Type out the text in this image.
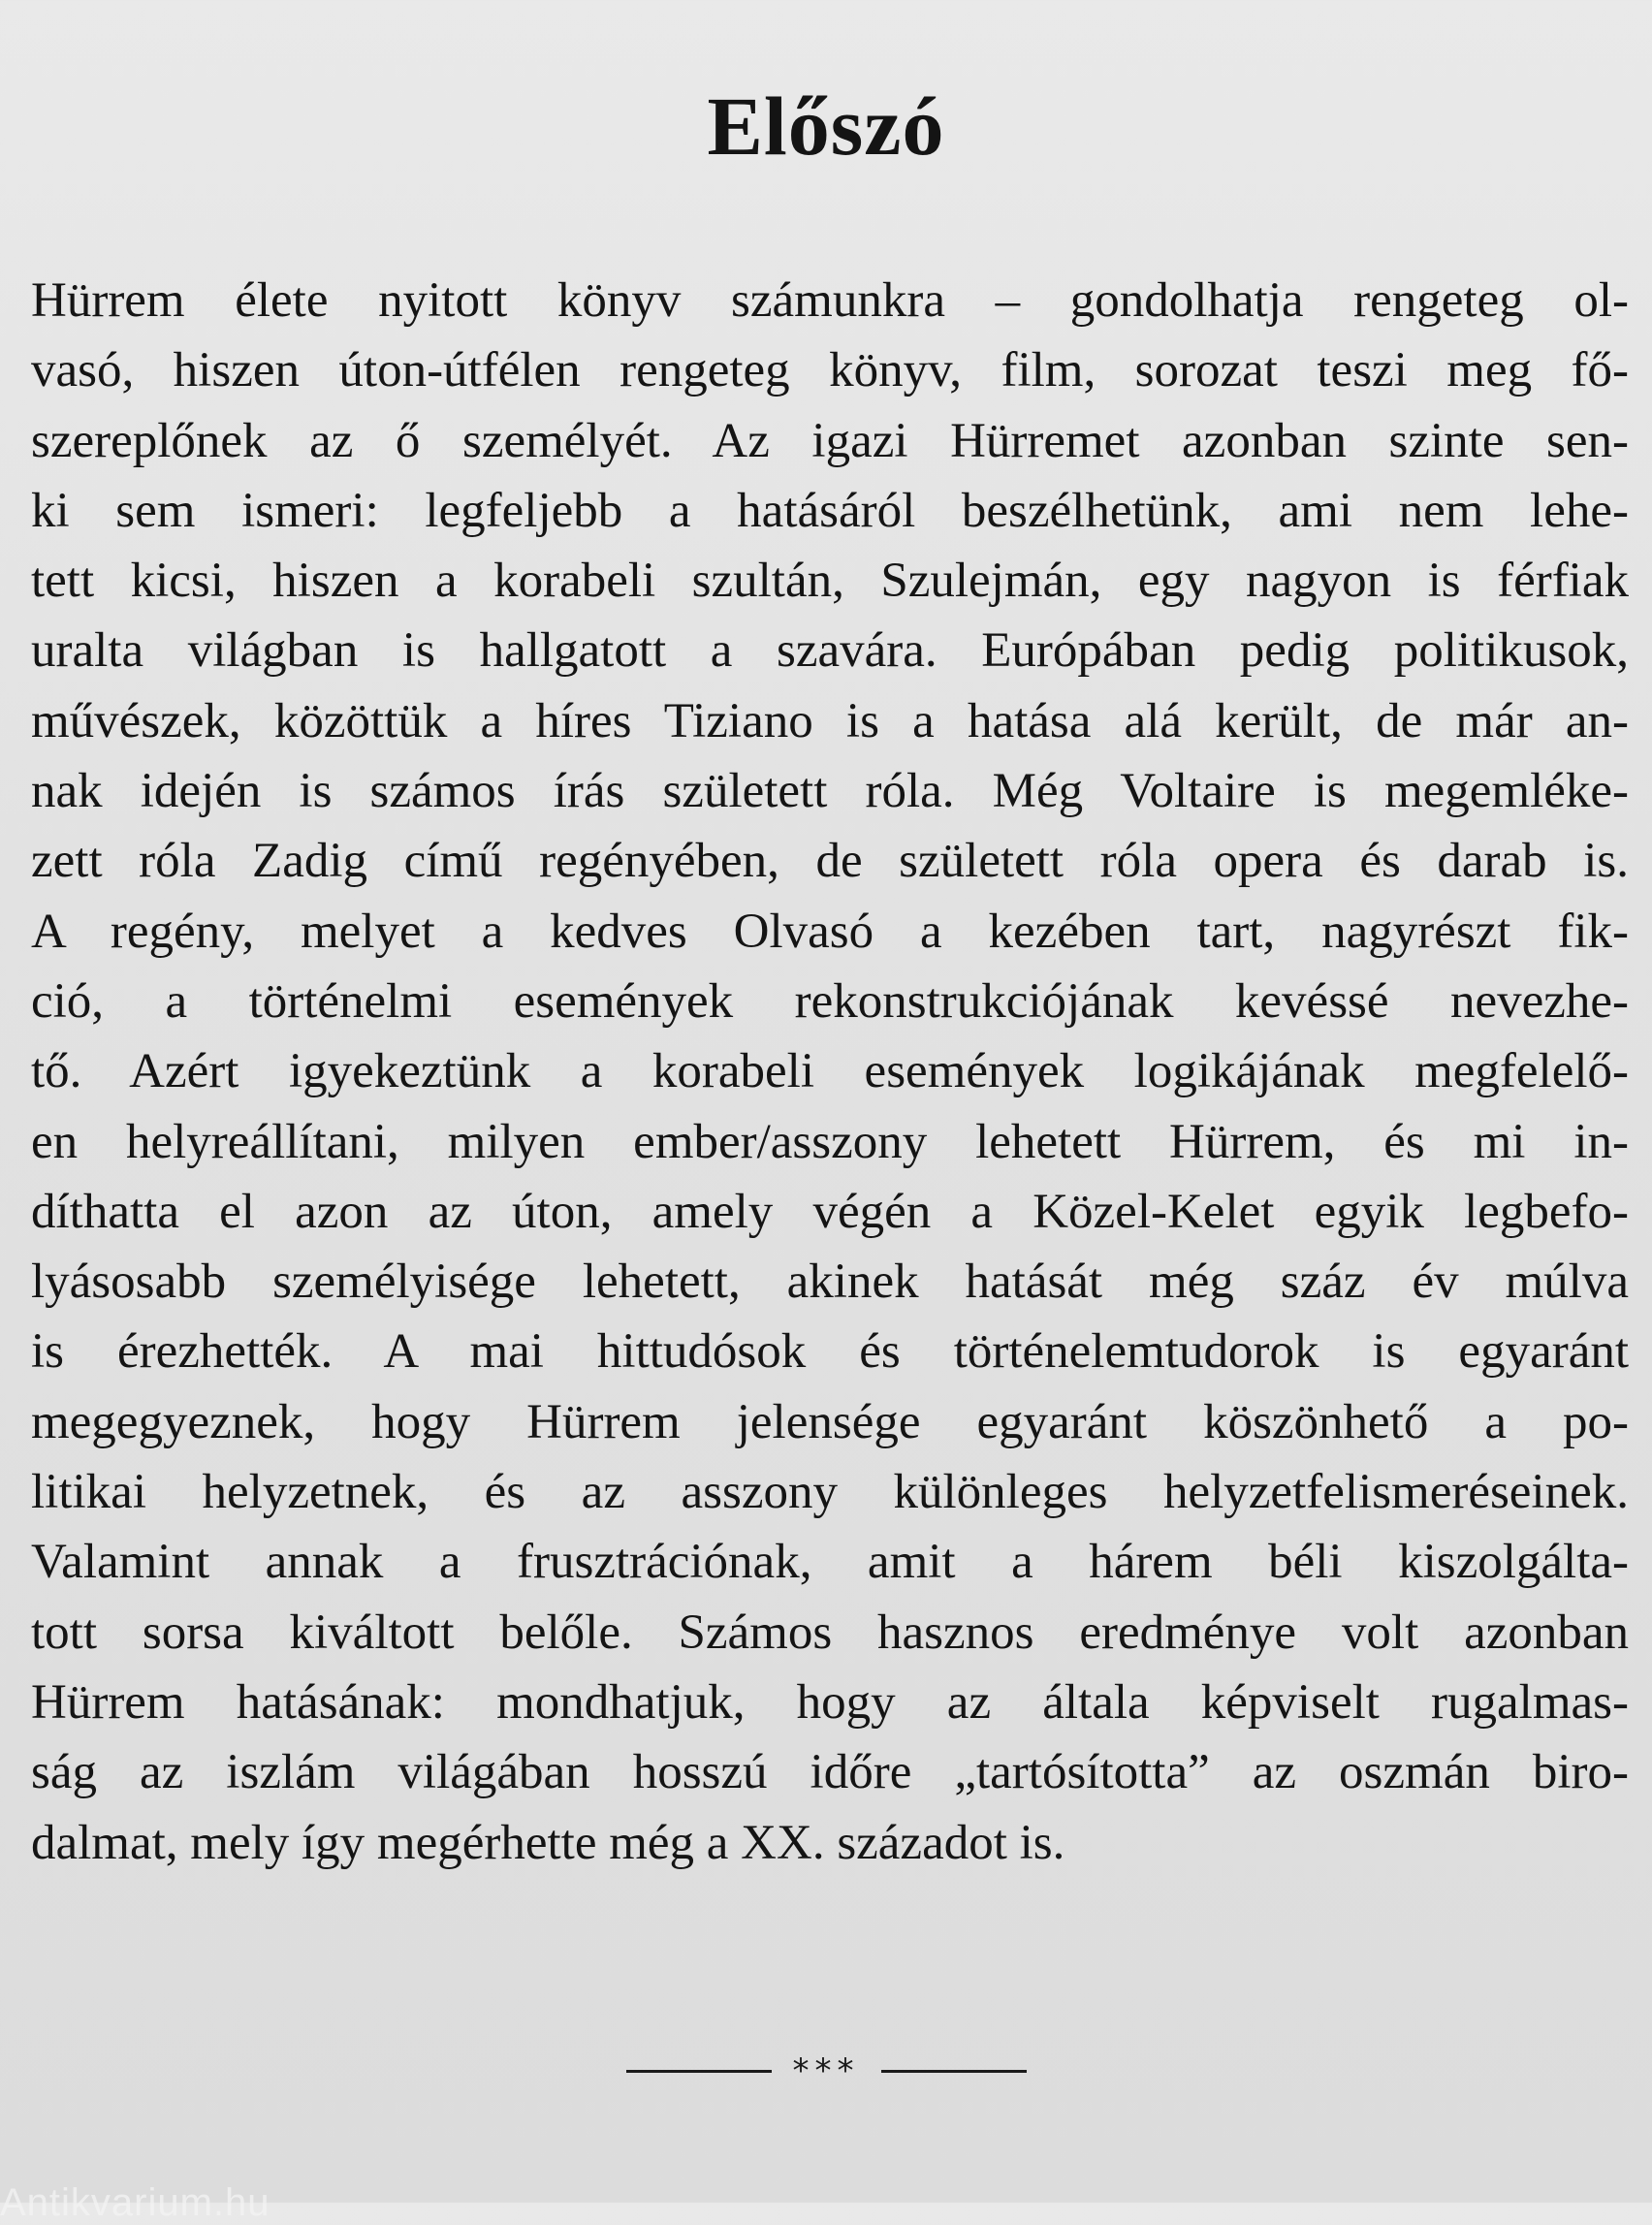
Előszó
Hürrem élete nyitott könyv számunkra – gondolhatja rengeteg ol-
vasó, hiszen úton-útfélen rengeteg könyv, film, sorozat teszi meg fő-
szereplőnek az ő személyét. Az igazi Hürremet azonban szinte sen-
ki sem ismeri: legfeljebb a hatásáról beszélhetünk, ami nem lehe-
tett kicsi, hiszen a korabeli szultán, Szulejmán, egy nagyon is férfiak
uralta világban is hallgatott a szavára. Európában pedig politikusok,
művészek, közöttük a híres Tiziano is a hatása alá került, de már an-
nak idején is számos írás született róla. Még Voltaire is megemléke-
zett róla Zadig című regényében, de született róla opera és darab is.
A regény, melyet a kedves Olvasó a kezében tart, nagyrészt fik-
ció, a történelmi események rekonstrukciójának kevéssé nevezhe-
tő. Azért igyekeztünk a korabeli események logikájának megfelelő-
en helyreállítani, milyen ember/asszony lehetett Hürrem, és mi in-
díthatta el azon az úton, amely végén a Közel-Kelet egyik legbefo-
lyásosabb személyisége lehetett, akinek hatását még száz év múlva
is érezhették. A mai hittudósok és történelemtudorok is egyaránt
megegyeznek, hogy Hürrem jelensége egyaránt köszönhető a po-
litikai helyzetnek, és az asszony különleges helyzetfelismeréseinek.
Valamint annak a frusztrációnak, amit a hárem béli kiszolgálta-
tott sorsa kiváltott belőle. Számos hasznos eredménye volt azonban
Hürrem hatásának: mondhatjuk, hogy az általa képviselt rugalmas-
ság az iszlám világában hosszú időre „tartósította” az oszmán biro-
dalmat, mely így megérhette még a XX. századot is.
***
Antikvarium.hu
